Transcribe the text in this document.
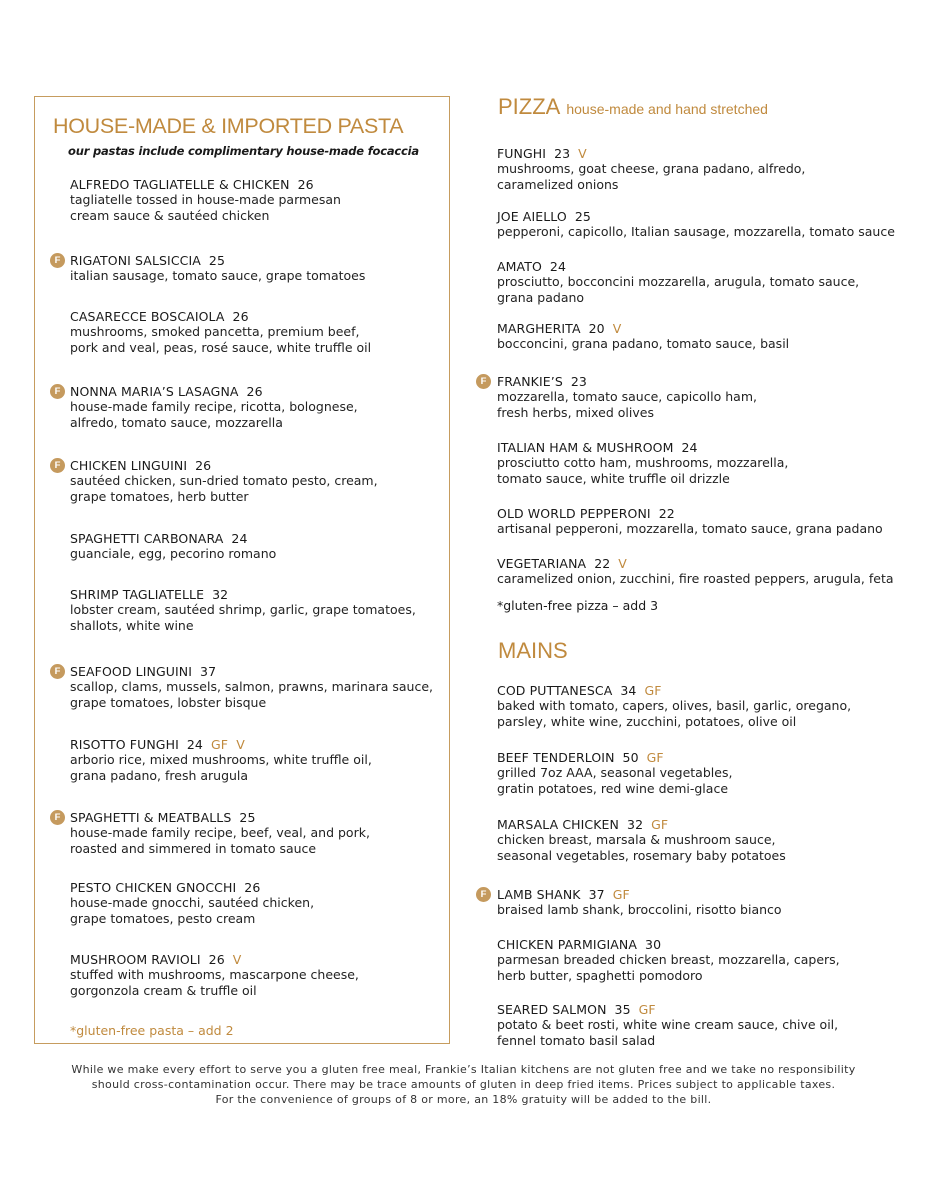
HOUSE-MADE & IMPORTED PASTA
our pastas include complimentary house-made focaccia
ALFREDO TAGLIATELLE & CHICKEN 26
tagliatelle tossed in house-made parmesan
cream sauce & sautéed chicken
RIGATONI SALSICCIA 25
italian sausage, tomato sauce, grape tomatoes
F
CASARECCE BOSCAIOLA 26
mushrooms, smoked pancetta, premium beef,
pork and veal, peas, rosé sauce, white truffle oil
NONNA MARIA’S LASAGNA 26
house-made family recipe, ricotta, bolognese,
alfredo, tomato sauce, mozzarella
F
CHICKEN LINGUINI 26
sautéed chicken, sun-dried tomato pesto, cream,
grape tomatoes, herb butter
F
SPAGHETTI CARBONARA 24
guanciale, egg, pecorino romano
SHRIMP TAGLIATELLE 32
lobster cream, sautéed shrimp, garlic, grape tomatoes,
shallots, white wine
SEAFOOD LINGUINI 37
scallop, clams, mussels, salmon, prawns, marinara sauce,
grape tomatoes, lobster bisque
F
RISOTTO FUNGHI 24 GF  V
arborio rice, mixed mushrooms, white truffle oil,
grana padano, fresh arugula
SPAGHETTI & MEATBALLS 25
house-made family recipe, beef, veal, and pork,
roasted and simmered in tomato sauce
F
PESTO CHICKEN GNOCCHI 26
house-made gnocchi, sautéed chicken,
grape tomatoes, pesto cream
MUSHROOM RAVIOLI 26 V
stuffed with mushrooms, mascarpone cheese,
gorgonzola cream & truffle oil
*gluten-free pasta – add 2
PIZZA house-made and hand stretched
FUNGHI 23 V
mushrooms, goat cheese, grana padano, alfredo,
caramelized onions
JOE AIELLO 25
pepperoni, capicollo, Italian sausage, mozzarella, tomato sauce
AMATO 24
prosciutto, bocconcini mozzarella, arugula, tomato sauce,
grana padano
MARGHERITA 20 V
bocconcini, grana padano, tomato sauce, basil
FRANKIE’S 23
mozzarella, tomato sauce, capicollo ham,
fresh herbs, mixed olives
F
ITALIAN HAM & MUSHROOM 24
prosciutto cotto ham, mushrooms, mozzarella,
tomato sauce, white truffle oil drizzle
OLD WORLD PEPPERONI 22
artisanal pepperoni, mozzarella, tomato sauce, grana padano
VEGETARIANA 22 V
caramelized onion, zucchini, fire roasted peppers, arugula, feta
*gluten-free pizza – add 3
MAINS
COD PUTTANESCA 34 GF
baked with tomato, capers, olives, basil, garlic, oregano,
parsley, white wine, zucchini, potatoes, olive oil
BEEF TENDERLOIN 50 GF
grilled 7oz AAA, seasonal vegetables,
gratin potatoes, red wine demi-glace
MARSALA CHICKEN 32 GF
chicken breast, marsala & mushroom sauce,
seasonal vegetables, rosemary baby potatoes
LAMB SHANK 37 GF
braised lamb shank, broccolini, risotto bianco
F
CHICKEN PARMIGIANA 30
parmesan breaded chicken breast, mozzarella, capers,
herb butter, spaghetti pomodoro
SEARED SALMON 35 GF
potato & beet rosti, white wine cream sauce, chive oil,
fennel tomato basil salad
While we make every effort to serve you a gluten free meal, Frankie’s Italian kitchens are not gluten free and we take no responsibility
should cross-contamination occur. There may be trace amounts of gluten in deep fried items. Prices subject to applicable taxes.
For the convenience of groups of 8 or more, an 18% gratuity will be added to the bill.
